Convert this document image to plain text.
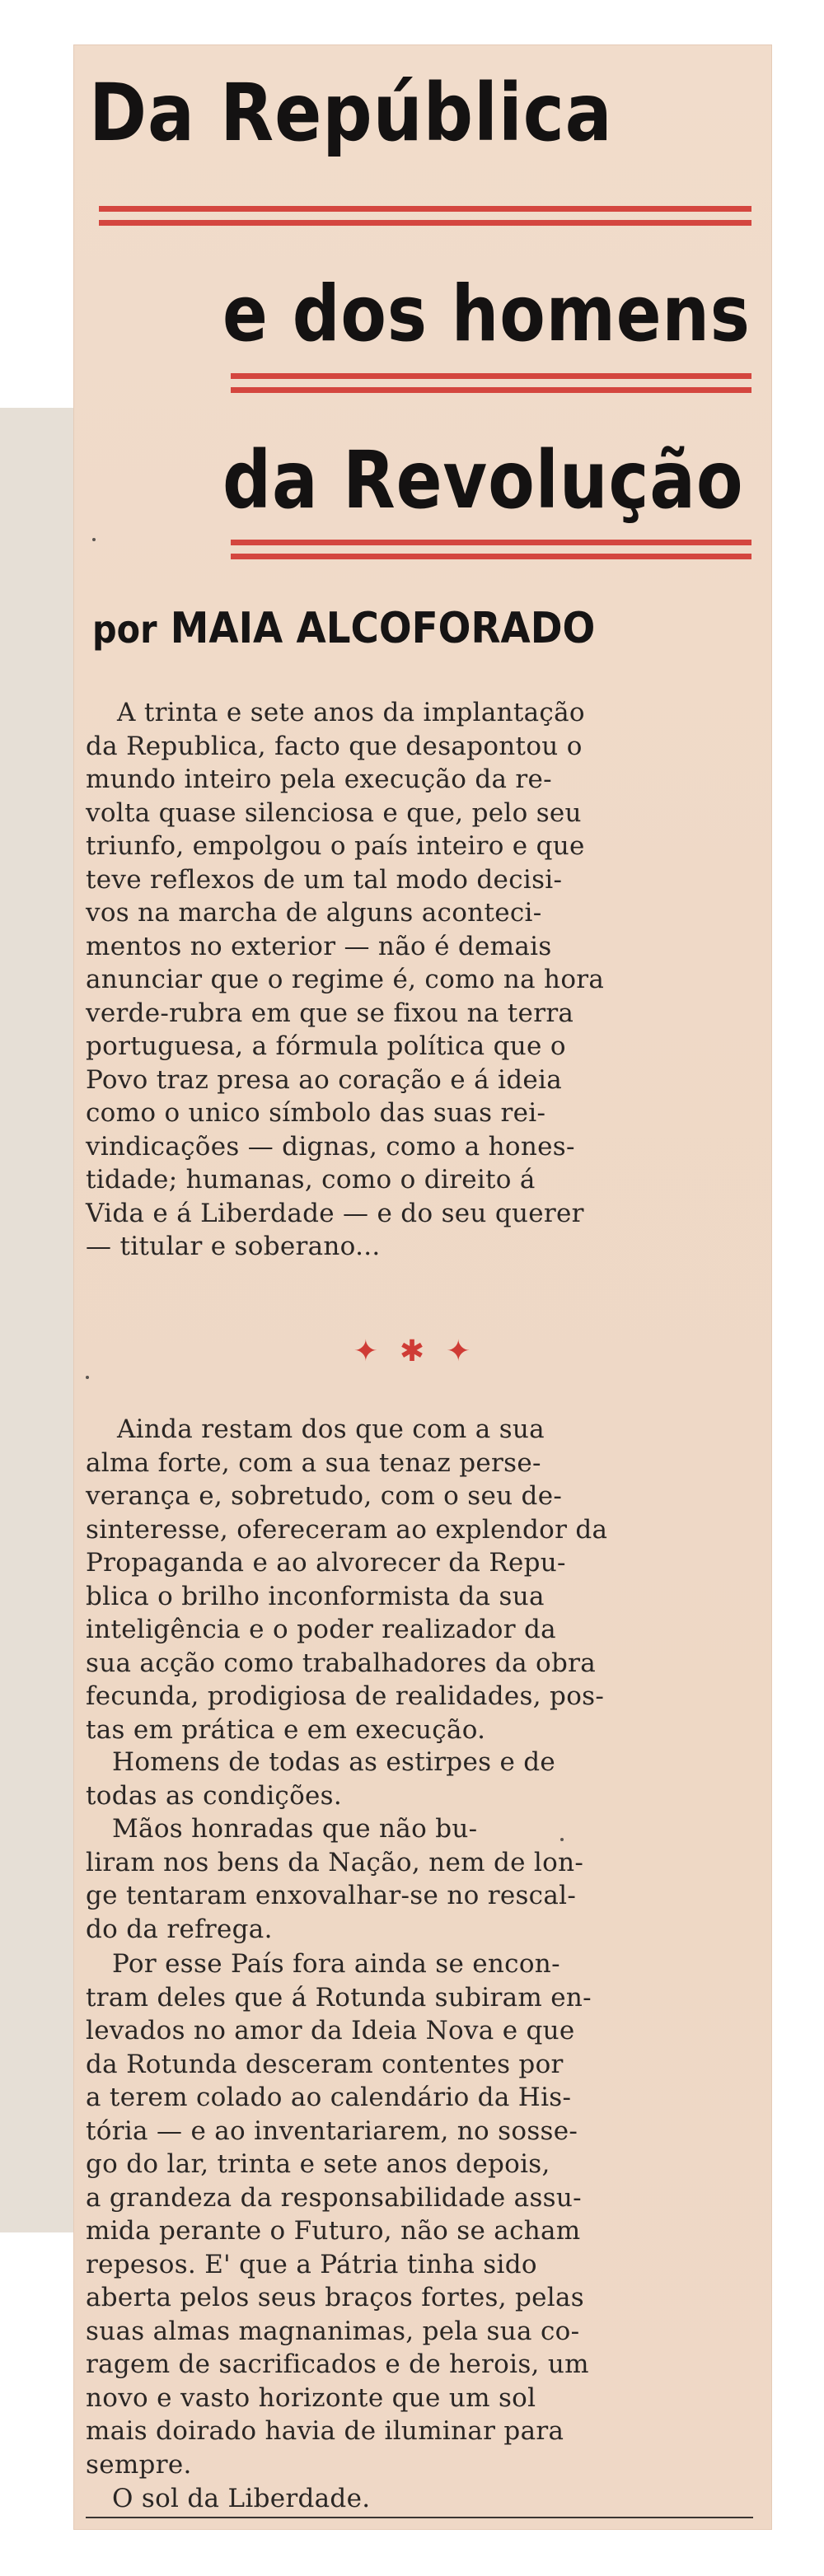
Da República
e dos homens
da Revolução

por MAIA ALCOFORADO

A trinta e sete anos da implantação
da Republica, facto que desapontou o
mundo inteiro pela execução da re-
volta quase silenciosa e que, pelo seu
triunfo, empolgou o país inteiro e que
teve reflexos de um tal modo decisi-
vos na marcha de alguns aconteci-
mentos no exterior — não é demais
anunciar que o regime é, como na hora
verde-rubra em que se fixou na terra
portuguesa, a fórmula política que o
Povo traz presa ao coração e á ideia
como o unico símbolo das suas rei-
vindicações — dignas, como a hones-
tidade; humanas, como o direito á
Vida e á Liberdade — e do seu querer
— titular e soberano...

✦✱✦

Ainda restam dos que com a sua
alma forte, com a sua tenaz perse-
verança e, sobretudo, com o seu de-
sinteresse, ofereceram ao explendor da
Propaganda e ao alvorecer da Repu-
blica o brilho inconformista da sua
inteligência e o poder realizador da
sua acção como trabalhadores da obra
fecunda, prodigiosa de realidades, pos-
tas em prática e em execução.

Homens de todas as estirpes e de
todas as condições.

Mãos honradas que não bu-
liram nos bens da Nação, nem de lon-
ge tentaram enxovalhar-se no rescal-
do da refrega.

Por esse País fora ainda se encon-
tram deles que á Rotunda subiram en-
levados no amor da Ideia Nova e que
da Rotunda desceram contentes por
a terem colado ao calendário da His-
tória — e ao inventariarem, no sosse-
go do lar, trinta e sete anos depois,
a grandeza da responsabilidade assu-
mida perante o Futuro, não se acham
repesos. E' que a Pátria tinha sido
aberta pelos seus braços fortes, pelas
suas almas magnanimas, pela sua co-
ragem de sacrificados e de herois, um
novo e vasto horizonte que um sol
mais doirado havia de iluminar para
sempre.

O sol da Liberdade.
